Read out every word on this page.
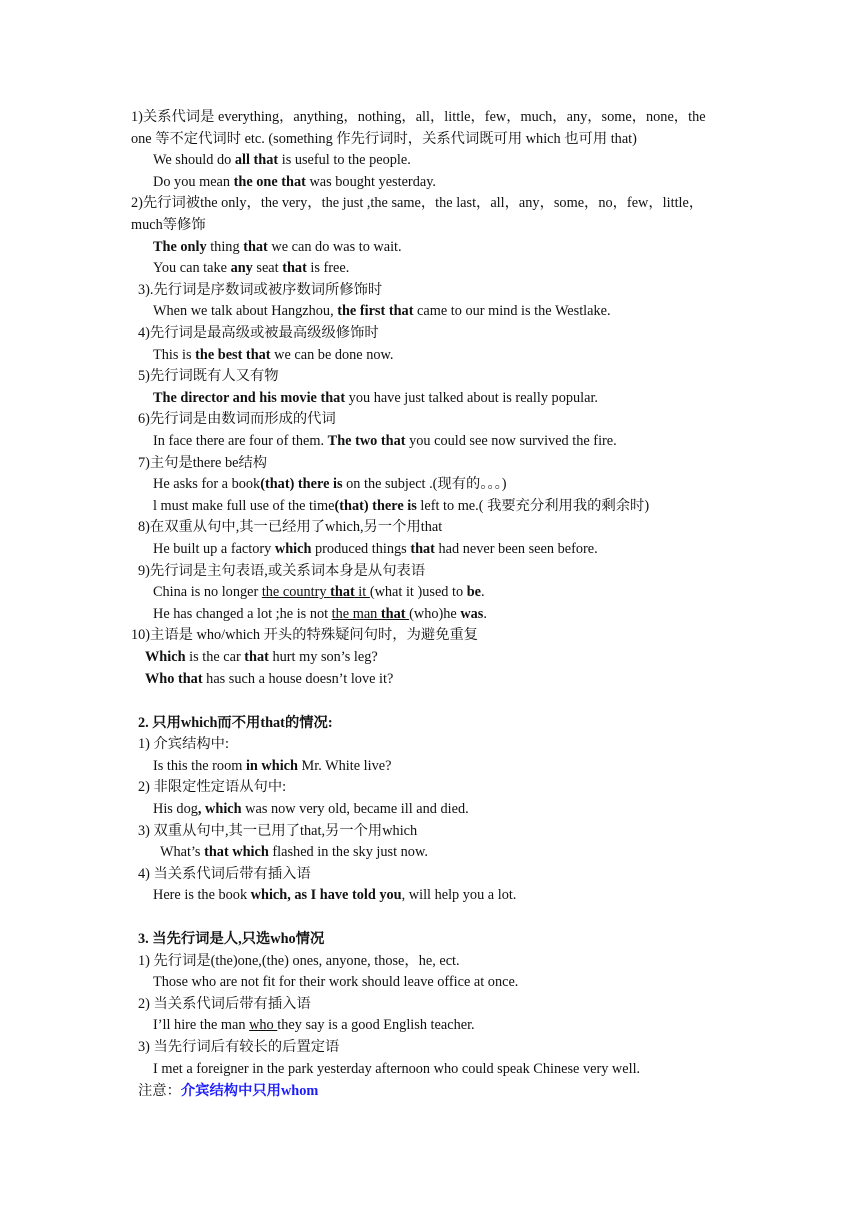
1)关系代词是 everything，anything，nothing，all，little，few，much，any，some，none，the
one 等不定代词时 etc. (something 作先行词时，关系代词既可用 which 也可用 that)
We should do all that is useful to the people.
Do you mean the one that was bought yesterday.
2)先行词被the only，the very，the just ,the same，the last，all，any，some，no，few，little，
much等修饰
The only thing that we can do was to wait.
You can take any seat that is free.
3).先行词是序数词或被序数词所修饰时
When we talk about Hangzhou, the first that came to our mind is the Westlake.
4)先行词是最高级或被最高级级修饰时
This is the best that we can be done now.
5)先行词既有人又有物
The director and his movie that you have just talked about is really popular.
6)先行词是由数词而形成的代词
In face there are four of them. The two that you could see now survived the fire.
7)主句是there be结构
He asks for a book(that) there is on the subject .(现有的。。。)
l must make full use of the time(that) there is left to me.( 我要充分利用我的剩余时)
8)在双重从句中,其一已经用了which,另一个用that
He built up a factory which produced things that had never been seen before.
9)先行词是主句表语,或关系词本身是从句表语
China is no longer the country that it (what it )used to be.
He has changed a lot ;he is not the man that (who)he was.
10)主语是 who/which 开头的特殊疑问句时，为避免重复
Which is the car that hurt my son’s leg?
Who that has such a house doesn’t love it?
2. 只用which而不用that的情况:
1) 介宾结构中:
Is this the room in which Mr. White live?
2) 非限定性定语从句中:
His dog, which was now very old, became ill and died.
3) 双重从句中,其一已用了that,另一个用which
What’s that which flashed in the sky just now.
4) 当关系代词后带有插入语
Here is the book which, as I have told you, will help you a lot.
3. 当先行词是人,只选who情况
1) 先行词是(the)one,(the) ones, anyone, those，he, ect.
Those who are not fit for their work should leave office at once.
2) 当关系代词后带有插入语
I’ll hire the man who they say is a good English teacher.
3) 当先行词后有较长的后置定语
I met a foreigner in the park yesterday afternoon who could speak Chinese very well.
注意：介宾结构中只用whom
